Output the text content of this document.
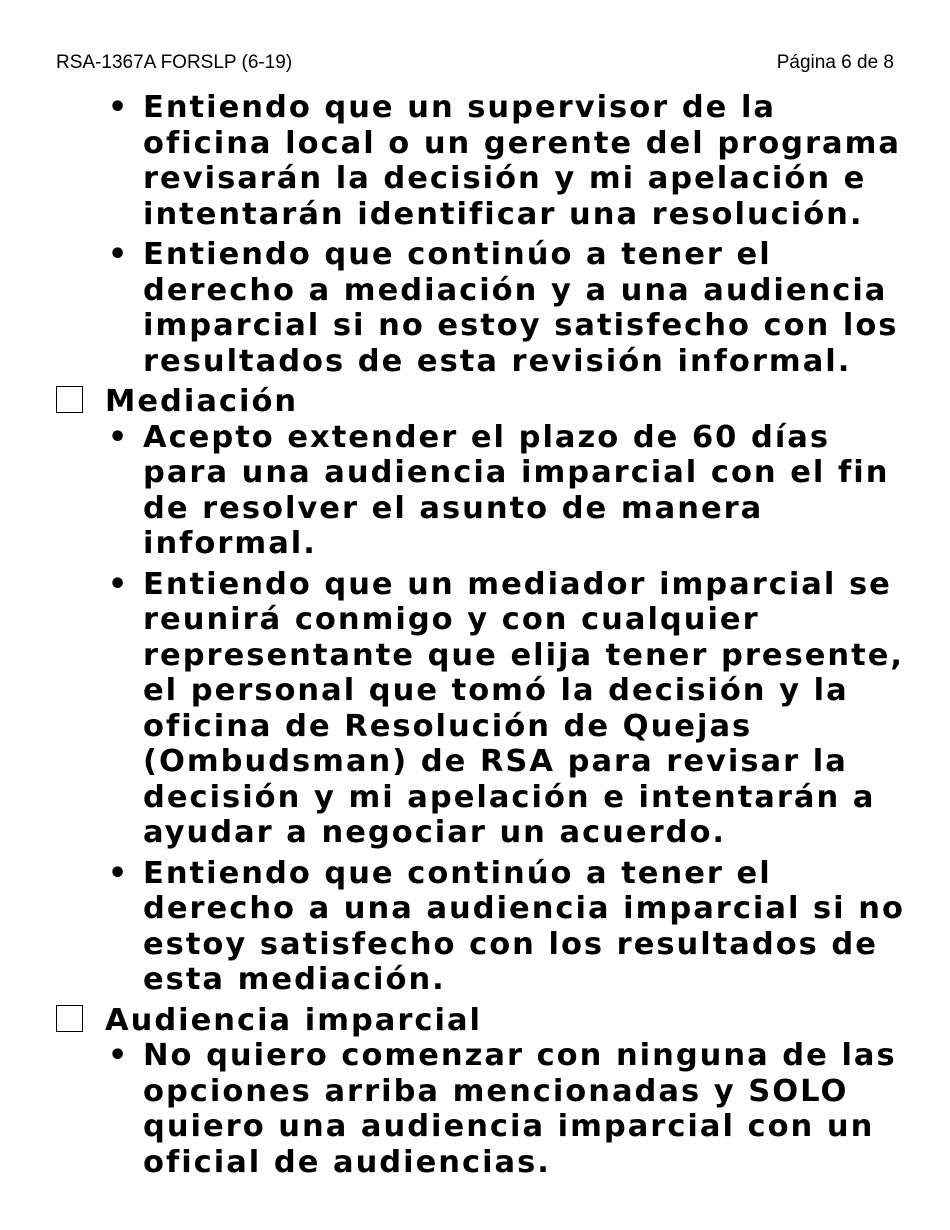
RSA-1367A FORSLP (6-19)	Página 6 de 8
• Entiendo que un supervisor de la oficina local o un gerente del programa revisarán la decisión y mi apelación e intentarán identificar una resolución.
• Entiendo que continúo a tener el derecho a mediación y a una audiencia imparcial si no estoy satisfecho con los resultados de esta revisión informal.
Mediación
• Acepto extender el plazo de 60 días para una audiencia imparcial con el fin de resolver el asunto de manera informal.
• Entiendo que un mediador imparcial se reunirá conmigo y con cualquier representante que elija tener presente, el personal que tomó la decisión y la oficina de Resolución de Quejas (Ombudsman) de RSA para revisar la decisión y mi apelación e intentarán a ayudar a negociar un acuerdo.
• Entiendo que continúo a tener el derecho a una audiencia imparcial si no estoy satisfecho con los resultados de esta mediación.
Audiencia imparcial
• No quiero comenzar con ninguna de las opciones arriba mencionadas y SOLO quiero una audiencia imparcial con un oficial de audiencias.
